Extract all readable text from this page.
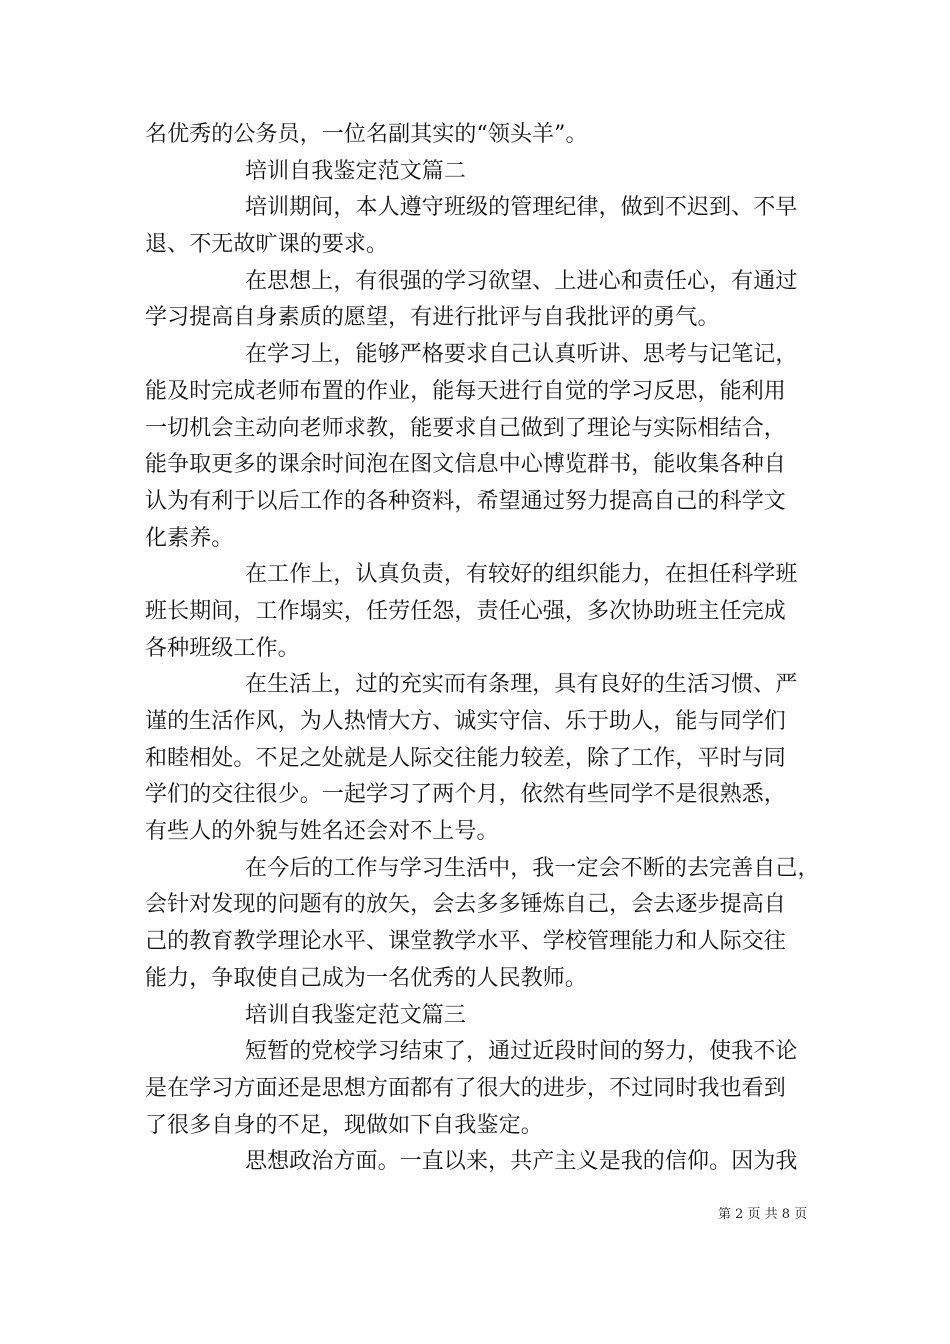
名优秀的公务员，一位名副其实的“领头羊”。
培训自我鉴定范文篇二
培训期间，本人遵守班级的管理纪律，做到不迟到、不早
退、不无故旷课的要求。
在思想上，有很强的学习欲望、上进心和责任心，有通过
学习提高自身素质的愿望，有进行批评与自我批评的勇气。
在学习上，能够严格要求自己认真听讲、思考与记笔记，
能及时完成老师布置的作业，能每天进行自觉的学习反思，能利用
一切机会主动向老师求教，能要求自己做到了理论与实际相结合，
能争取更多的课余时间泡在图文信息中心博览群书，能收集各种自
认为有利于以后工作的各种资料，希望通过努力提高自己的科学文
化素养。
在工作上，认真负责，有较好的组织能力，在担任科学班
班长期间，工作塌实，任劳任怨，责任心强，多次协助班主任完成
各种班级工作。
在生活上，过的充实而有条理，具有良好的生活习惯、严
谨的生活作风，为人热情大方、诚实守信、乐于助人，能与同学们
和睦相处。不足之处就是人际交往能力较差，除了工作，平时与同
学们的交往很少。一起学习了两个月，依然有些同学不是很熟悉，
有些人的外貌与姓名还会对不上号。
在今后的工作与学习生活中，我一定会不断的去完善自己，
会针对发现的问题有的放矢，会去多多锤炼自己，会去逐步提高自
己的教育教学理论水平、课堂教学水平、学校管理能力和人际交往
能力，争取使自己成为一名优秀的人民教师。
培训自我鉴定范文篇三
短暂的党校学习结束了，通过近段时间的努力，使我不论
是在学习方面还是思想方面都有了很大的进步，不过同时我也看到
了很多自身的不足，现做如下自我鉴定。
思想政治方面。一直以来，共产主义是我的信仰。因为我
第 2 页 共 8 页
